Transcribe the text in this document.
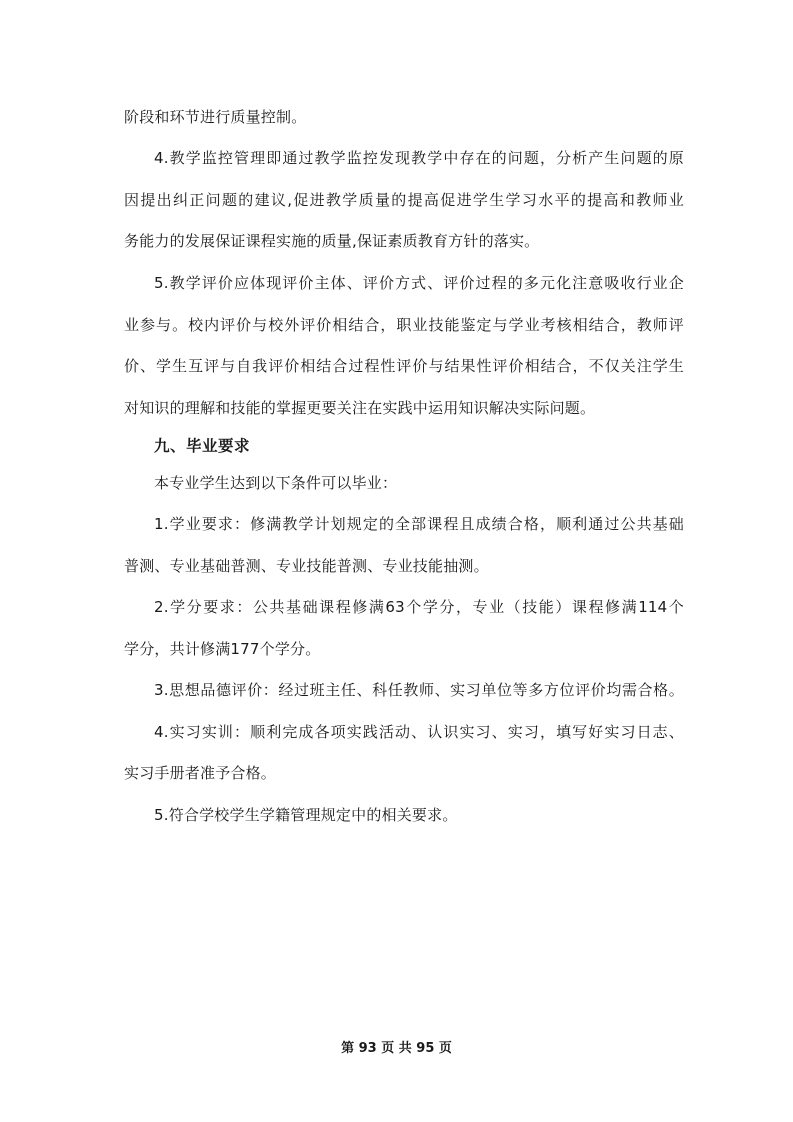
阶段和环节进行质量控制。
4.教学监控管理即通过教学监控发现教学中存在的问题，分析产生问题的原
因提出纠正问题的建议,促进教学质量的提高促进学生学习水平的提高和教师业
务能力的发展保证课程实施的质量,保证素质教育方针的落实。
5.教学评价应体现评价主体、评价方式、评价过程的多元化注意吸收行业企
业参与。校内评价与校外评价相结合，职业技能鉴定与学业考核相结合，教师评
价、学生互评与自我评价相结合过程性评价与结果性评价相结合，不仅关注学生
对知识的理解和技能的掌握更要关注在实践中运用知识解决实际问题。
九、毕业要求
本专业学生达到以下条件可以毕业：
1.学业要求：修满教学计划规定的全部课程且成绩合格，顺利通过公共基础
普测、专业基础普测、专业技能普测、专业技能抽测。
2.学分要求：公共基础课程修满63个学分，专业（技能）课程修满114个
学分，共计修满177个学分。
3.思想品德评价：经过班主任、科任教师、实习单位等多方位评价均需合格。
4.实习实训：顺利完成各项实践活动、认识实习、实习，填写好实习日志、
实习手册者准予合格。
5.符合学校学生学籍管理规定中的相关要求。
第 93 页 共 95 页
